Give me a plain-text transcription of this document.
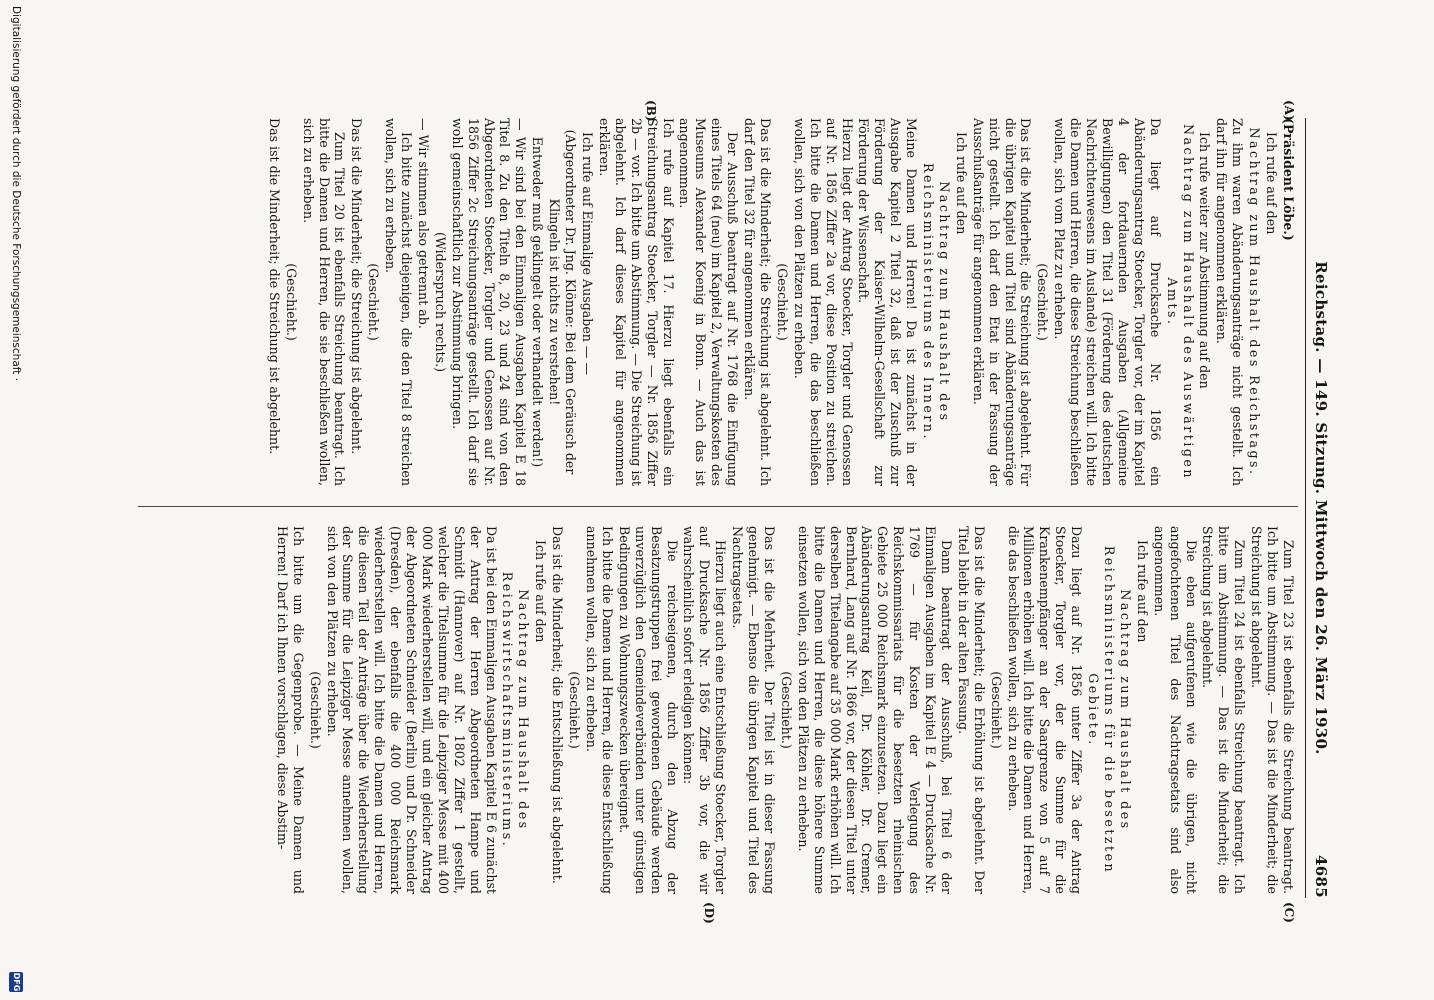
Reichstag. — 149. Sitzung. Mittwoch den 26. März 1930.
4685
(A)
(B)
(C)
(D)

(Präsident Löbe.)

Ich rufe auf den

Nachtrag zum Haushalt des Reichstags.

Zu ihm waren Abänderungsanträge nicht gestellt. Ich darf ihn für angenommen erklären.

Ich rufe weiter zur Abstimmung auf den

Nachtrag zum Haushalt des Auswärtigen Amts.

Da liegt auf Drucksache Nr. 1856 ein Abänderungsantrag Stoecker, Torgler vor, der im Kapitel 4 der fortdauernden Ausgaben (Allgemeine Bewilligungen) den Titel 31 (Förderung des deutschen Nachrichtenwesens im Auslande) streichen will. Ich bitte die Damen und Herren, die diese Streichung beschließen wollen, sich vom Platz zu erheben.

(Geschieht.)

Das ist die Minderheit; die Streichung ist abgelehnt. Für die übrigen Kapitel und Titel sind Abänderungsanträge nicht gestellt. Ich darf den Etat in der Fassung der Ausschußanträge für angenommen erklären.

Ich rufe auf den

Nachtrag zum Haushalt des Reichsministeriums des Innern.

Meine Damen und Herren! Da ist zunächst in der Ausgabe Kapitel 2 Titel 32, daß ist der Zuschuß zur Förderung der Kaiser-Wilhelm-Gesellschaft zur Förderung der Wissenschaft.

Hierzu liegt der Antrag Stoecker, Torgler und Genossen auf Nr. 1856 Ziffer 2a vor, diese Position zu streichen. Ich bitte die Damen und Herren, die das beschließen wollen, sich von den Plätzen zu erheben.

(Geschieht.)

Das ist die Minderheit; die Streichung ist abgelehnt. Ich darf den Titel 32 für angenommen erklären.

Der Ausschuß beantragt auf Nr. 1768 die Einfügung eines Titels 64 (neu) im Kapitel 2, Verwaltungskosten des Museums Alexander Koenig in Bonn. — Auch das ist angenommen.

Ich rufe auf Kapitel 17. Hierzu liegt ebenfalls ein Streichungsantrag Stoecker, Torgler — Nr. 1856 Ziffer 2b — vor. Ich bitte um Abstimmung. — Die Streichung ist abgelehnt. Ich darf dieses Kapitel für angenommen erklären.

Ich rufe auf Einmalige Ausgaben — —

(Abgeordneter Dr. Jng. Klönne: Bei dem Geräusch der Klingeln ist nichts zu verstehen!

Entweder muß geklingelt oder verhandelt werden!)

— Wir sind bei den Einmaligen Ausgaben Kapitel E 18 Titel 8. Zu den Titeln 8, 20, 23 und 24 sind von den Abgeordneten Stoecker, Torgler und Genossen auf Nr. 1856 Ziffer 2c Streichungsanträge gestellt. Ich darf sie wohl gemeinschaftlich zur Abstimmung bringen.

(Widerspruch rechts.)

— Wir stimmen also getrennt ab.

Ich bitte zunächst diejenigen, die den Titel 8 streichen wollen, sich zu erheben.

(Geschieht.)

Das ist die Minderheit; die Streichung ist abgelehnt.

Zum Titel 20 ist ebenfalls Streichung beantragt. Ich bitte die Damen und Herren, die sie beschließen wollen, sich zu erheben.

(Geschieht.)

Das ist die Minderheit; die Streichung ist abgelehnt.

Zum Titel 23 ist ebenfalls die Streichung beantragt. Ich bitte um Abstimmung. — Das ist die Minderheit; die Streichung ist abgelehnt.

Zum Titel 24 ist ebenfalls Streichung beantragt. Ich bitte um Abstimmung. — Das ist die Minderheit; die Streichung ist abgelehnt.

Die eben aufgerufenen wie die übrigen, nicht angefochtenen Titel des Nachtragsetats sind also angenommen.

Ich rufe auf den

Nachtrag zum Haushalt des Reichsministeriums für die besetzten Gebiete.

Dazu liegt auf Nr. 1856 unter Ziffer 3a der Antrag Stoecker, Torgler vor, der die Summe für die Krankenempfänger an der Saargrenze von 5 auf 7 Millionen erhöhen will. Ich bitte die Damen und Herren, die das beschließen wollen, sich zu erheben.

(Geschieht.)

Das ist die Minderheit; die Erhöhung ist abgelehnt. Der Titel bleibt in der alten Fassung.

Dann beantragt der Ausschuß, bei Titel 6 der Einmaligen Ausgaben im Kapitel E 4 — Drucksache Nr. 1769 — für Kosten der Verlegung des Reichskommissariats für die besetzten rheinischen Gebiete 25 000 Reichsmark einzusetzen. Dazu liegt ein Abänderungsantrag Keil, Dr. Köhler, Dr. Cremer, Bernhard, Lang auf Nr. 1866 vor, der diesen Titel unter derselben Titelangabe auf 35 000 Mark erhöhen will. Ich bitte die Damen und Herren, die diese höhere Summe einsetzen wollen, sich von den Plätzen zu erheben.

(Geschieht.)

Das ist die Mehrheit. Der Titel ist in dieser Fassung genehmigt. — Ebenso die übrigen Kapitel und Titel des Nachtragsetats.

Hierzu liegt auch eine Entschließung Stoecker, Torgler auf Drucksache Nr. 1856 Ziffer 3b vor, die wir wahrscheinlich sofort erledigen können:

Die reichseigenen, durch den Abzug der Besatzungstruppen frei gewordenen Gebäude werden unverzüglich den Gemeindeverbänden unter günstigen Bedingungen zu Wohnungszwecken übereignet.

Ich bitte die Damen und Herren, die diese Entschließung annehmen wollen, sich zu erheben.

(Geschieht.)

Das ist die Minderheit; die Entschließung ist abgelehnt.

Ich rufe auf den

Nachtrag zum Haushalt des Reichswirtschaftsministeriums.

Da ist bei den Einmaligen Ausgaben Kapitel E 6 zunächst der Antrag der Herren Abgeordneten Hampe und Schmidt (Hannover) auf Nr. 1802 Ziffer 1 gestellt, welcher die Titelsumme für die Leipziger Messe mit 400 000 Mark wiederherstellen will, und ein gleicher Antrag der Abgeordneten Schneider (Berlin) und Dr. Schneider (Dresden), der ebenfalls die 400 000 Reichsmark wiederherstellen will. Ich bitte die Damen und Herren, die diesen Teil der Anträge über die Wiederherstellung der Summe für die Leipziger Messe annehmen wollen, sich von den Plätzen zu erheben.

(Geschieht.)

Ich bitte um die Gegenprobe. — Meine Damen und Herren! Darf ich Ihnen vorschlagen, diese Abstim-

Digitalisierung gefördert durch die Deutsche Forschungsgemeinschaft ·
DFG
